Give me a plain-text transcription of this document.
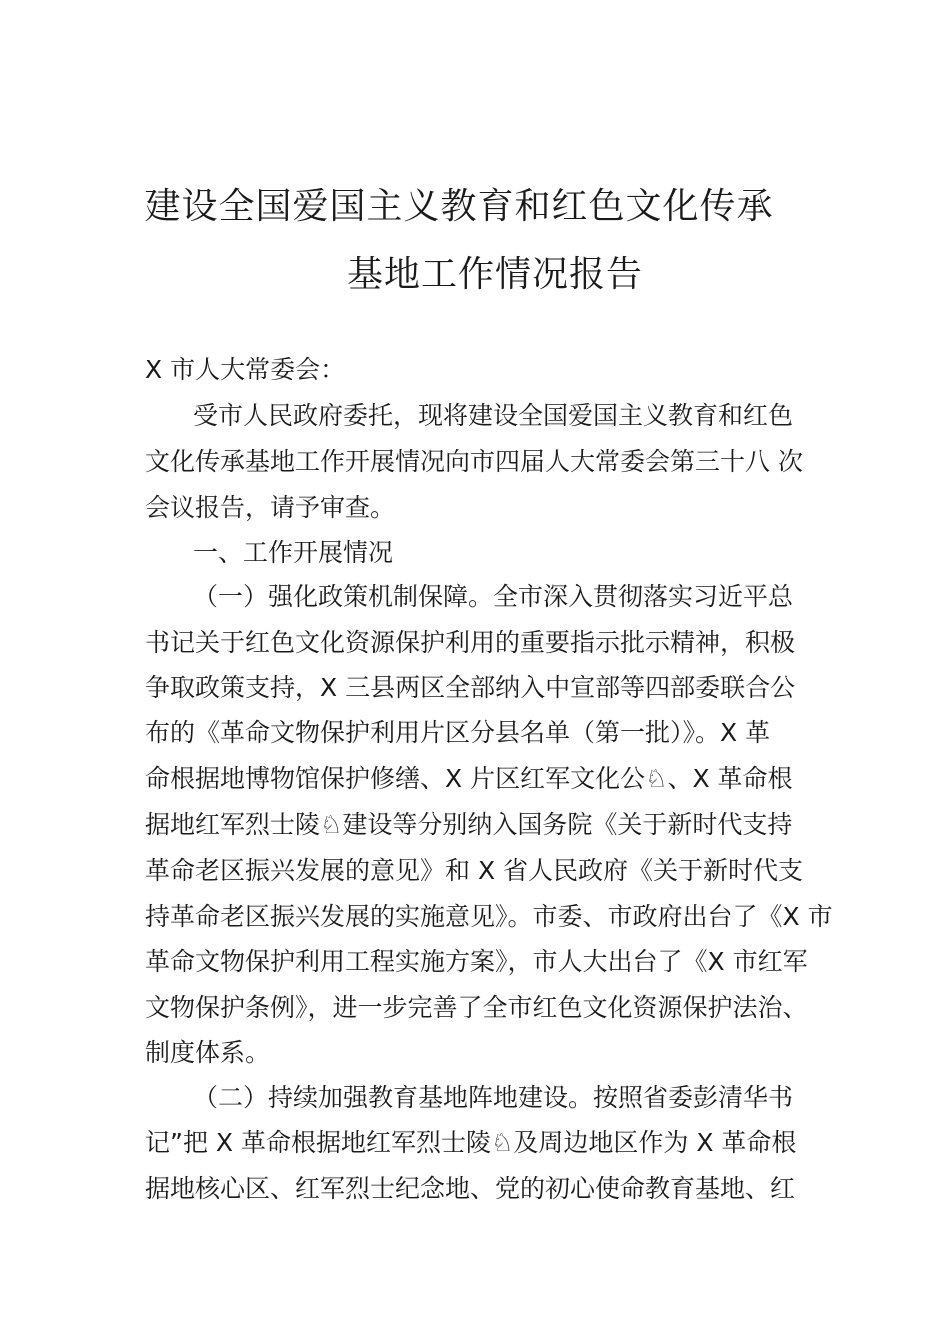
建设全国爱国主义教育和红色文化传承
基地工作情况报告
X 市人大常委会：
受市人民政府委托，现将建设全国爱国主义教育和红色
文化传承基地工作开展情况向市四届人大常委会第三十八 次
会议报告，请予审查。
一、工作开展情况
（一）强化政策机制保障。全市深入贯彻落实习近平总
书记关于红色文化资源保护利用的重要指示批示精神，积极
争取政策支持，X 三县两区全部纳入中宣部等四部委联合公
布的《革命文物保护利用片区分县名单（第一批）》。X 革
命根据地博物馆保护修缮、X 片区红军文化公♘、X 革命根
据地红军烈士陵♘建设等分别纳入国务院《关于新时代支持
革命老区振兴发展的意见》和 X 省人民政府《关于新时代支
持革命老区振兴发展的实施意见》。市委、市政府出台了《X 市
革命文物保护利用工程实施方案》，市人大出台了《X 市红军
文物保护条例》，进一步完善了全市红色文化资源保护法治、
制度体系。
（二）持续加强教育基地阵地建设。按照省委彭清华书
记”把 X 革命根据地红军烈士陵♘及周边地区作为 X 革命根
据地核心区、红军烈士纪念地、党的初心使命教育基地、红
